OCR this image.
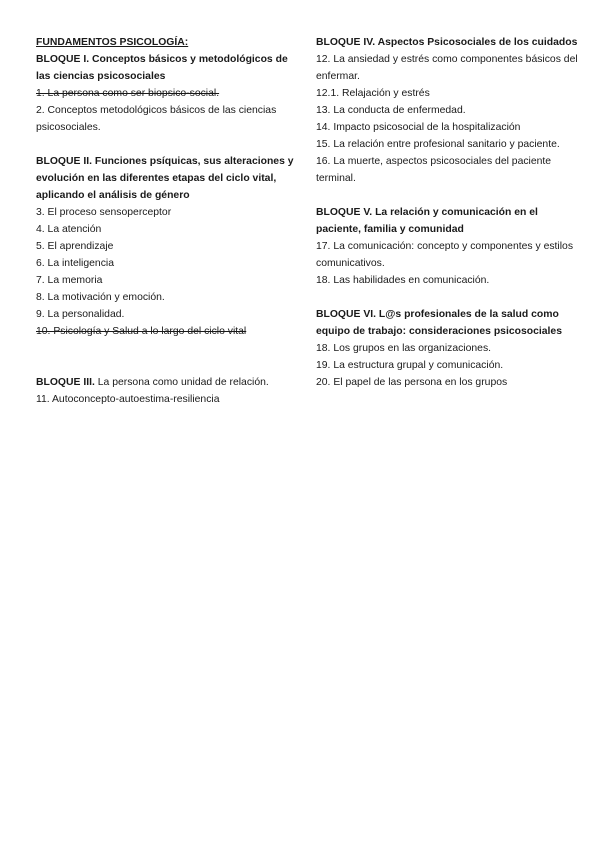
FUNDAMENTOS PSICOLOGÍA:
BLOQUE I. Conceptos básicos y metodológicos de las ciencias psicosociales
1. La persona como ser biopsico-social.
2. Conceptos metodológicos básicos de las ciencias psicosociales.
BLOQUE II. Funciones psíquicas, sus alteraciones y evolución en las diferentes etapas del ciclo vital, aplicando el análisis de género
3. El proceso sensoperceptor
4. La atención
5. El aprendizaje
6. La inteligencia
7. La memoria
8. La motivación y emoción.
9. La personalidad.
10. Psicología y Salud a lo largo del ciclo vital
BLOQUE III. La persona como unidad de relación.
11. Autoconcepto-autoestima-resiliencia
BLOQUE IV. Aspectos Psicosociales de los cuidados
12. La ansiedad y estrés como componentes básicos del enfermar.
12.1. Relajación y estrés
13. La conducta de enfermedad.
14. Impacto psicosocial de la hospitalización
15. La relación entre profesional sanitario y paciente.
16. La muerte, aspectos psicosociales del paciente terminal.
BLOQUE V. La relación y comunicación en el paciente, familia y comunidad
17. La comunicación: concepto y componentes y estilos comunicativos.
18. Las habilidades en comunicación.
BLOQUE VI. L@s profesionales de la salud como equipo de trabajo: consideraciones psicosociales
18. Los grupos en las organizaciones.
19. La estructura grupal y comunicación.
20. El papel de las persona en los grupos
